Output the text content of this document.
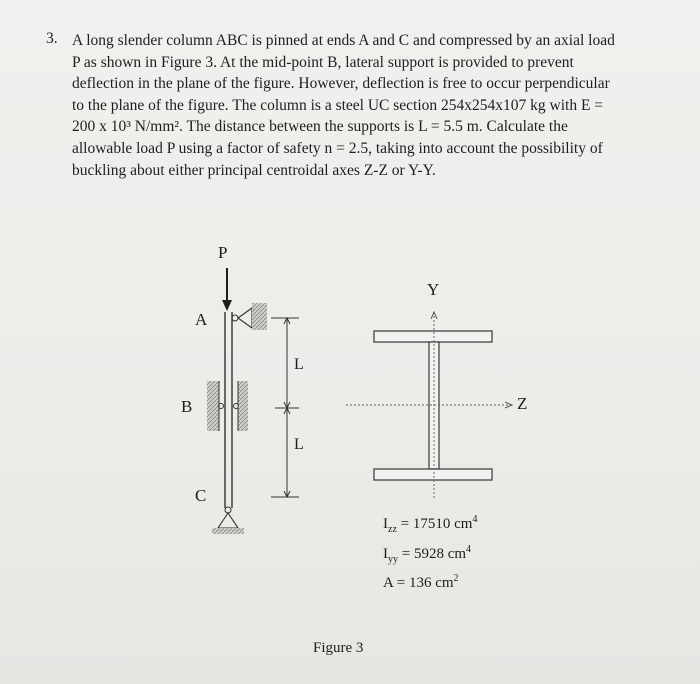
3. A long slender column ABC is pinned at ends A and C and compressed by an axial load
P as shown in Figure 3. At the mid-point B, lateral support is provided to prevent
deflection in the plane of the figure. However, deflection is free to occur perpendicular
to the plane of the figure. The column is a steel UC section 254x254x107 kg with E =
200 x 10³ N/mm². The distance between the supports is L = 5.5 m. Calculate the
allowable load P using a factor of safety n = 2.5, taking into account the possibility of
buckling about either principal centroidal axes Z-Z or Y-Y.
P
A
B
C
L
L
Y
Z
$I_{zz} = 17510$ $cm^4$
$I_{yy} = 5928$ $cm^4$
A = 136 $cm^2$
Figure 3
